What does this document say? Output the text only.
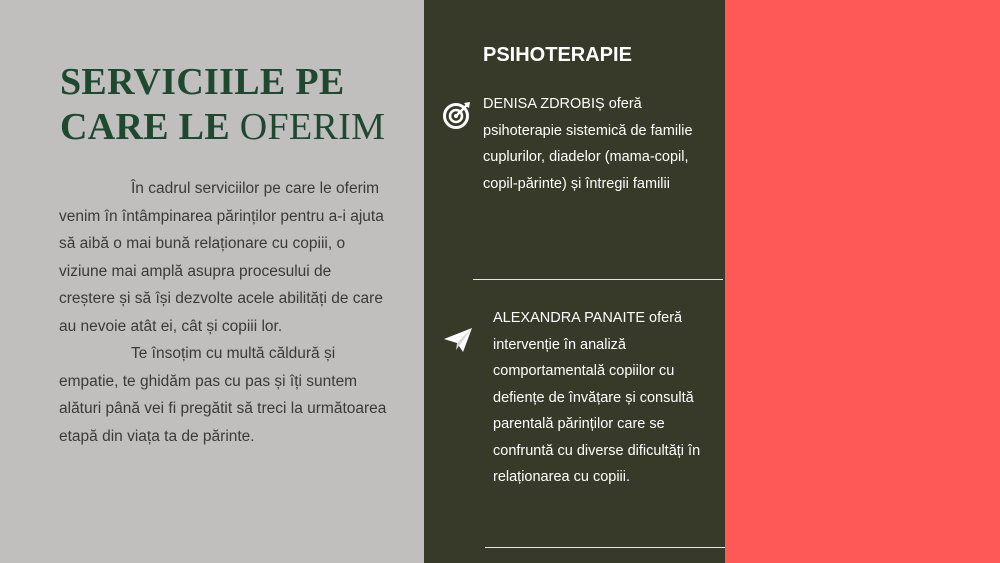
SERVICIILE PE CARE LE OFERIM

În cadrul serviciilor pe care le oferim venim în întâmpinarea părinților pentru a-i ajuta să aibă o mai bună relaționare cu copiii, o viziune mai amplă asupra procesului de creștere și să își dezvolte acele abilități de care au nevoie atât ei, cât și copiii lor.

Te însoțim cu multă căldură și empatie, te ghidăm pas cu pas și îți suntem alături până vei fi pregătit să treci la următoarea etapă din viața ta de părinte.

PSIHOTERAPIE
DENISA ZDROBIȘ oferă psihoterapie sistemică de familie cuplurilor, diadelor (mama-copil, copil-părinte) și întregii familii
ALEXANDRA PANAITE oferă intervenție în analiză comportamentală copiilor cu defiențe de învățare și consultă parentală părinților care se confruntă cu diverse dificultăți în relaționarea cu copiii.
